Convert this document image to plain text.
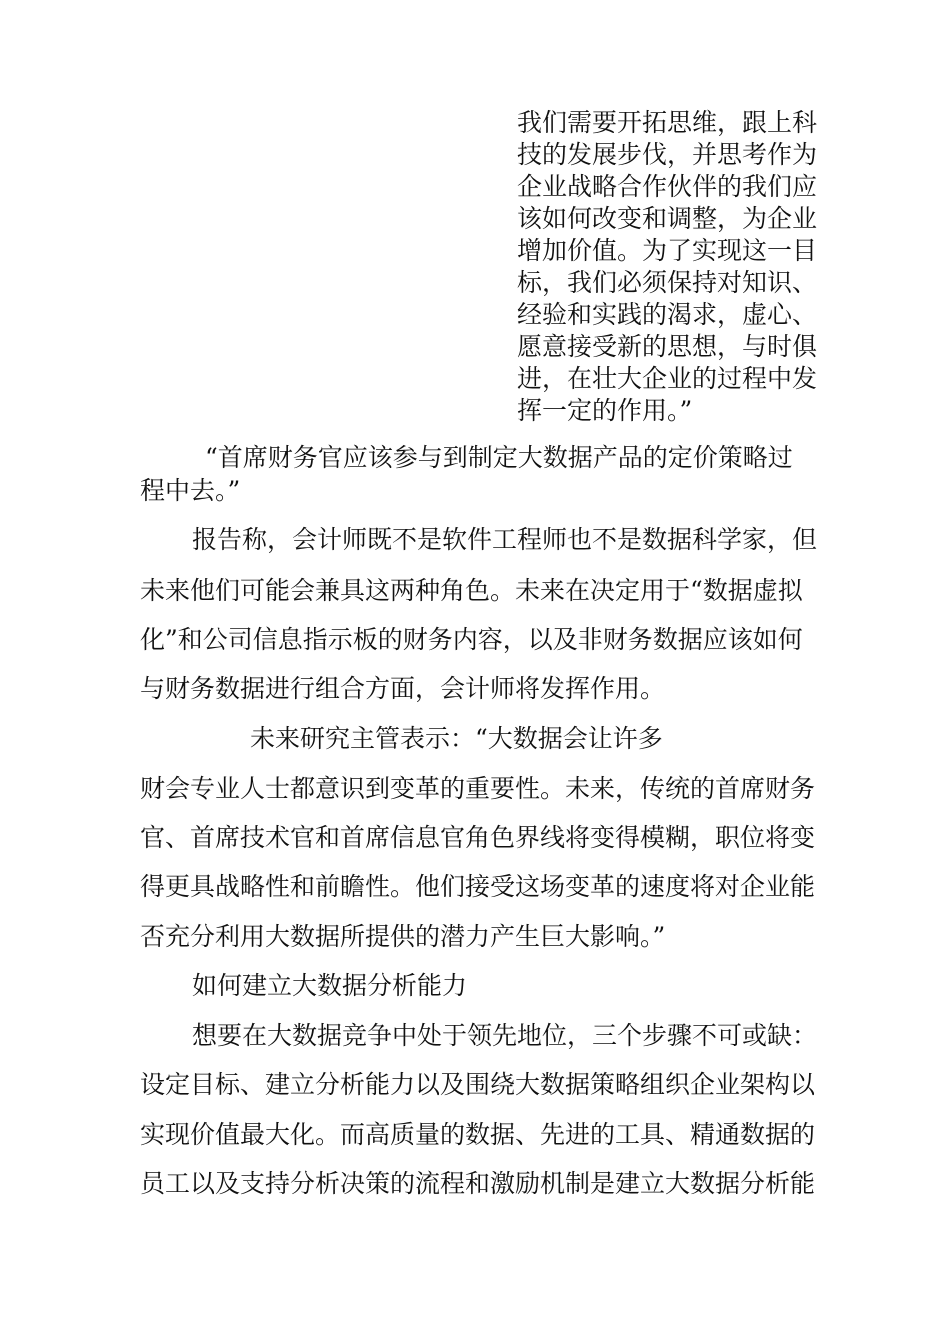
我们需要开拓思维，跟上科

技的发展步伐，并思考作为

企业战略合作伙伴的我们应

该如何改变和调整，为企业

增加价值。为了实现这一目

标，我们必须保持对知识、

经验和实践的渴求，虚心、

愿意接受新的思想，与时俱

进，在壮大企业的过程中发

挥一定的作用。”

“首席财务官应该参与到制定大数据产品的定价策略过

程中去。”

报告称，会计师既不是软件工程师也不是数据科学家，但

未来他们可能会兼具这两种角色。未来在决定用于“数据虚拟

化”和公司信息指示板的财务内容，以及非财务数据应该如何

与财务数据进行组合方面，会计师将发挥作用。

未来研究主管表示：“大数据会让许多

财会专业人士都意识到变革的重要性。未来，传统的首席财务

官、首席技术官和首席信息官角色界线将变得模糊，职位将变

得更具战略性和前瞻性。他们接受这场变革的速度将对企业能

否充分利用大数据所提供的潜力产生巨大影响。”

如何建立大数据分析能力

想要在大数据竞争中处于领先地位，三个步骤不可或缺：

设定目标、建立分析能力以及围绕大数据策略组织企业架构以

实现价值最大化。而高质量的数据、先进的工具、精通数据的

员工以及支持分析决策的流程和激励机制是建立大数据分析能
